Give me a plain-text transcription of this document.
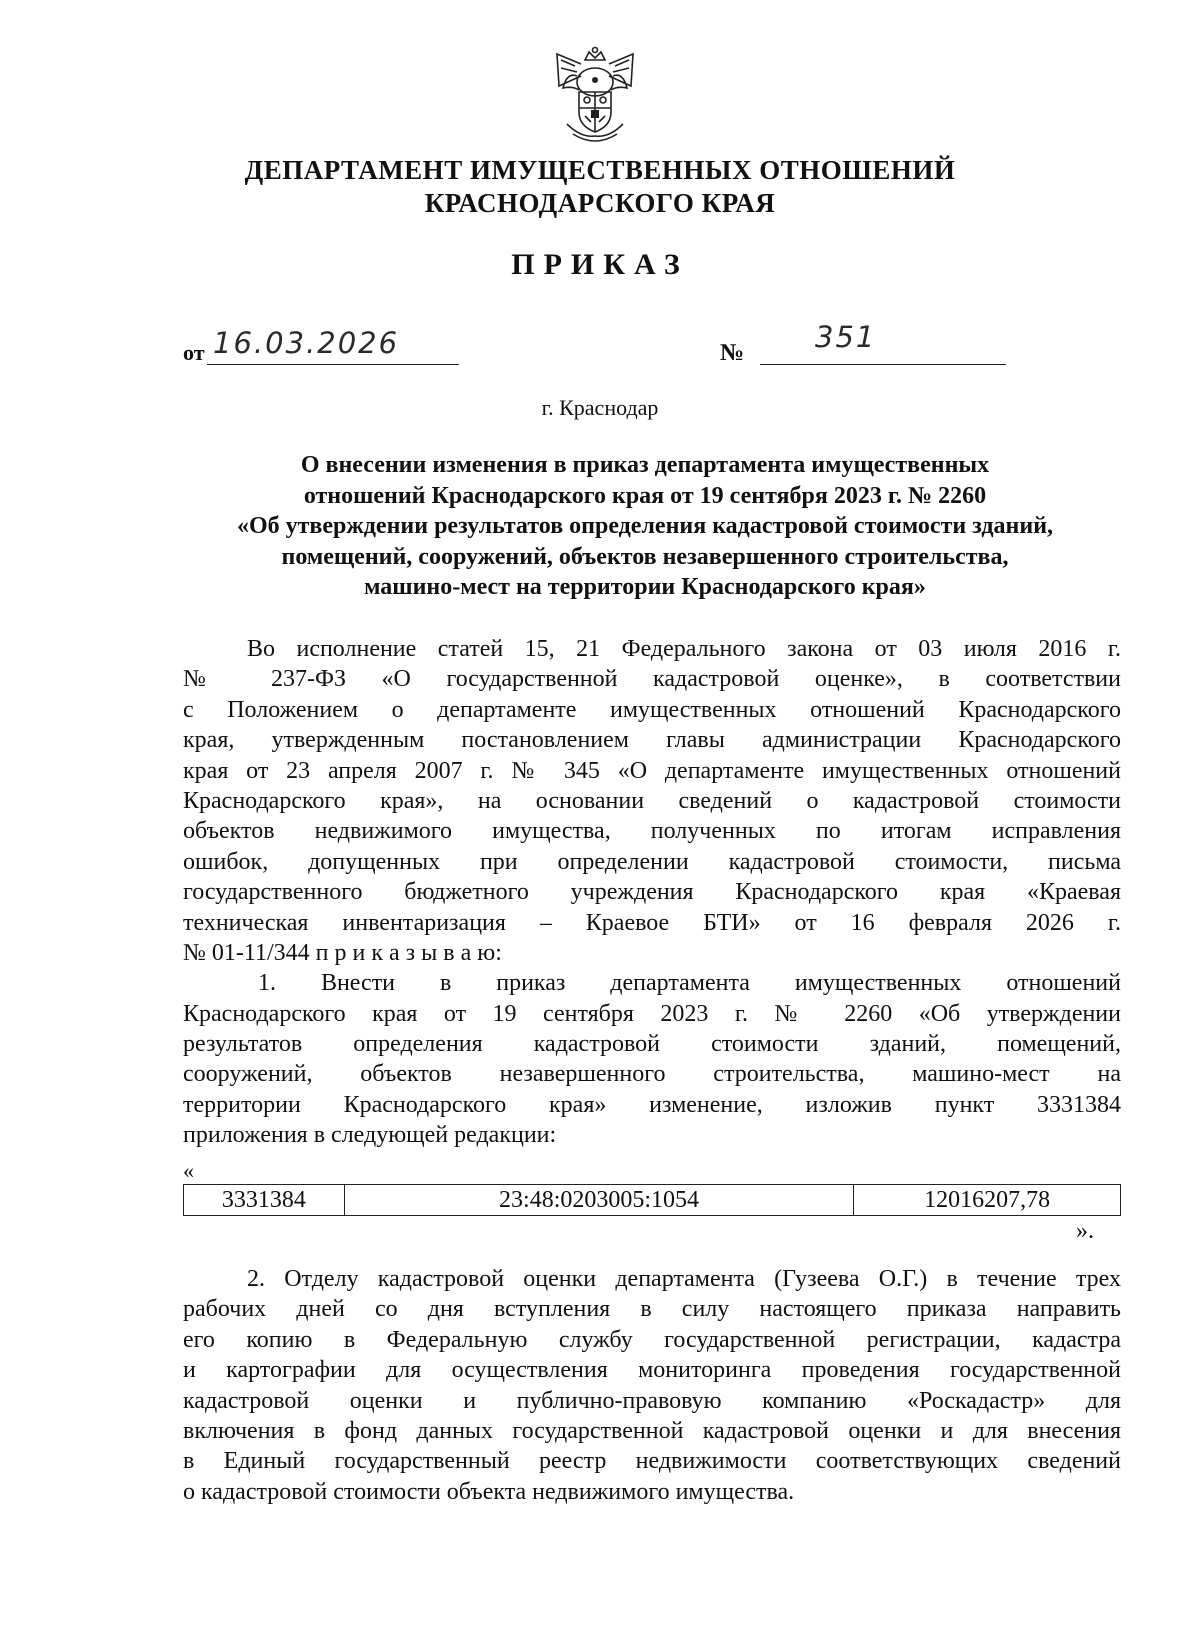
ДЕПАРТАМЕНТ ИМУЩЕСТВЕННЫХ ОТНОШЕНИЙ
КРАСНОДАРСКОГО КРАЯ
ПРИКАЗ
от 16.03.2026	№ 351
г. Краснодар
О внесении изменения в приказ департамента имущественных
отношений Краснодарского края от 19 сентября 2023 г. № 2260
«Об утверждении результатов определения кадастровой стоимости зданий,
помещений, сооружений, объектов незавершенного строительства,
машино-мест на территории Краснодарского края»
Во исполнение статей 15, 21 Федерального закона от 03 июля 2016 г.
№ 237-ФЗ «О государственной кадастровой оценке», в соответствии
с Положением о департаменте имущественных отношений Краснодарского
края, утвержденным постановлением главы администрации Краснодарского
края от 23 апреля 2007 г. № 345 «О департаменте имущественных отношений
Краснодарского края», на основании сведений о кадастровой стоимости
объектов недвижимого имущества, полученных по итогам исправления
ошибок, допущенных при определении кадастровой стоимости, письма
государственного бюджетного учреждения Краснодарского края «Краевая
техническая инвентаризация – Краевое БТИ» от 16 февраля 2026 г.
№ 01-11/344 п р и к а з ы в а ю:
1. Внести в приказ департамента имущественных отношений
Краснодарского края от 19 сентября 2023 г. № 2260 «Об утверждении
результатов определения кадастровой стоимости зданий, помещений,
сооружений, объектов незавершенного строительства, машино-мест на
территории Краснодарского края» изменение, изложив пункт 3331384
приложения в следующей редакции:
«
3331384	23:48:0203005:1054	12016207,78
».
2. Отделу кадастровой оценки департамента (Гузеева О.Г.) в течение трех
рабочих дней со дня вступления в силу настоящего приказа направить
его копию в Федеральную службу государственной регистрации, кадастра
и картографии для осуществления мониторинга проведения государственной
кадастровой оценки и публично-правовую компанию «Роскадастр» для
включения в фонд данных государственной кадастровой оценки и для внесения
в Единый государственный реестр недвижимости соответствующих сведений
о кадастровой стоимости объекта недвижимого имущества.
